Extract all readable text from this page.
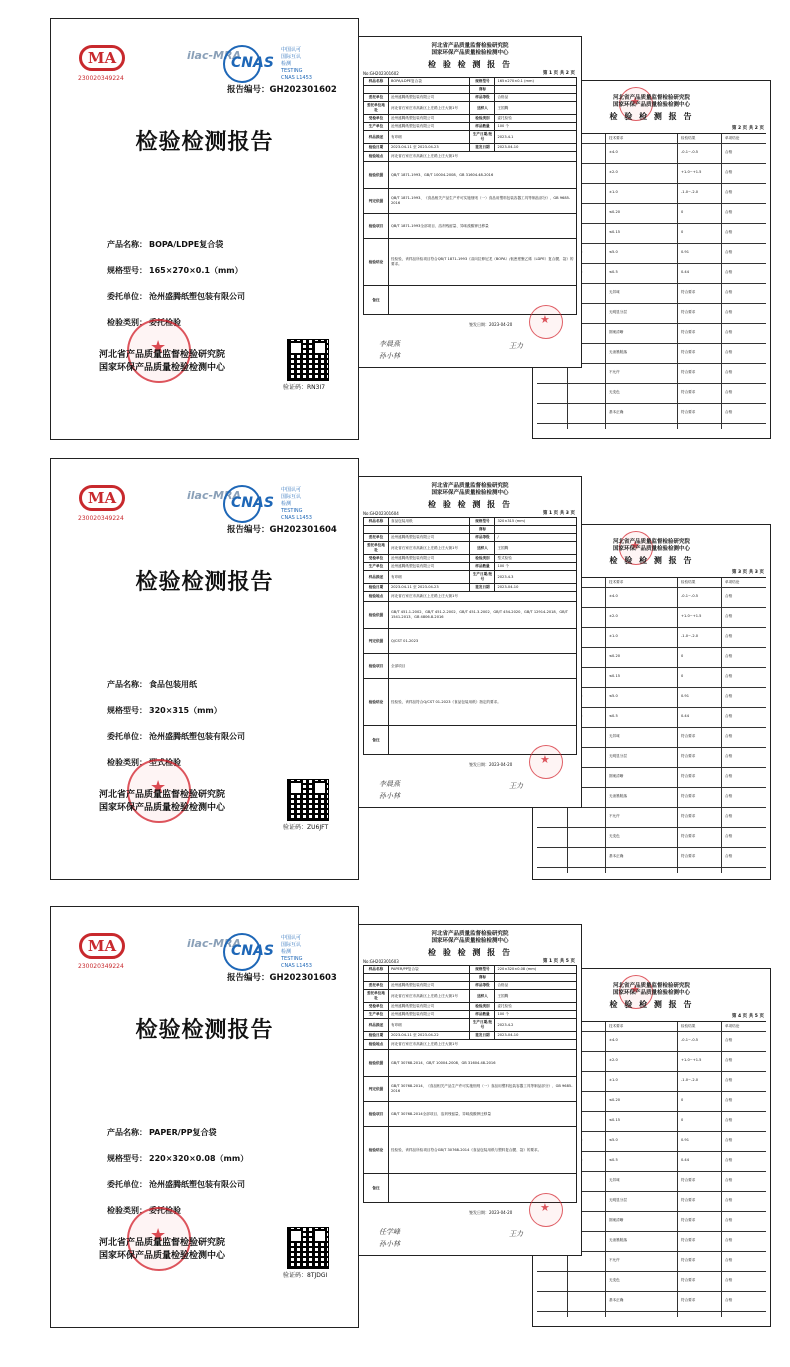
MA
230020349224
ilac-MRA
CNAS
中国认可
国际互认
检测
TESTING
CNAS L1453
报告编号：GH202301602
检验检测报告
产品名称： BOPA/LDPE复合袋
规格型号： 165×270×0.1（mm）
委托单位： 沧州盛腾纸塑包装有限公司
检验类别： 委托检验
★
河北省产品质量监督检验研究院
国家环保产品质量检验检测中心
验证码：RN3I7
河北省产品质量监督检验研究院
国家环保产品质量检验检测中心
检 验 检 测 报 告
No:GH202301602	第 1 页 共 2 页
样品名称	BOPA/LDPE复合袋	规格型号	165×270×0.1 (mm)
		商标	
委托单位	沧州盛腾纸塑包装有限公司	样品等级	合格品
委托单位地址	河北省石家庄市高新区上庄路上庄大街1号	送样人	王国腾
受检单位	沧州盛腾纸塑包装有限公司	检验类别	委托检验
生产单位	沧州盛腾纸塑包装有限公司	样品数量	100 个
样品描述	有印刷	生产日期/批号	2023.4.1
检验日期	2023-04-11 至 2023-04-23	签发日期	2023-04-10
检验地点	河北省石家庄市高新区上庄路上庄大街1号		
检验依据	QB/T 1871-1993、GB/T 10004-2008、GB 31604.48-2016		
判定依据	QB/T 1871-1993、《食品相关产品生产许可实施细则（一）食品用塑料包装容器工具等制品部分》、GB 9685-2016		
检验项目	QB/T 1871-1993全部项目、溶剂残留量、异味溴酸钾迁移量		
检验结论	经检验，该样品所检项目符合QB/T 1871-1993《双向拉伸尼龙（BOPA）/低密度聚乙烯（LDPE）复合膜、袋》的要求。		
备注			
签发日期：2023-04-20
★
李晨燕
孙小林
王力
★
河北省产品质量监督检验研究院
国家环保产品质量检验检测中心
检 验 检 测 报 告
第 2 页 共 2 页
技术要求	检验结果	单项结论
±4.0	-0.1~-0.5	合格
±2.0	+1.0~+1.5	合格
±1.0	-1.0~-2.0	合格
≤0.20	0	合格
≤0.15	0	合格
≤5.0	0.91	合格
≤0.5	0.44	合格
无异味	符合要求	合格
无明显分层	符合要求	合格
图案清晰	符合要求	合格
无油墨脱落	符合要求	合格
不允许	符合要求	合格
无变色	符合要求	合格
基本正确	符合要求	合格
MA
230020349224
ilac-MRA
CNAS
中国认可
国际互认
检测
TESTING
CNAS L1453
报告编号：GH202301604
检验检测报告
产品名称： 食品包装用纸
规格型号： 320×315（mm）
委托单位： 沧州盛腾纸塑包装有限公司
检验类别： 型式检验
★
河北省产品质量监督检验研究院
国家环保产品质量检验检测中心
验证码：ZU6JFT
河北省产品质量监督检验研究院
国家环保产品质量检验检测中心
检 验 检 测 报 告
No:GH202301604	第 1 页 共 3 页
样品名称	食品包装用纸	规格型号	320×315 (mm)
		商标	
委托单位	沧州盛腾纸塑包装有限公司	样品等级	/
委托单位地址	河北省石家庄市高新区上庄路上庄大街1号	送样人	王国腾
受检单位	沧州盛腾纸塑包装有限公司	检验类别	型式检验
生产单位	沧州盛腾纸塑包装有限公司	样品数量	100 个
样品描述	有印刷	生产日期/批号	2023.4.3
检验日期	2023-04-11 至 2023-04-23	签发日期	2023-04-10
检验地点	河北省石家庄市高新区上庄路上庄大街1号		
检验依据	GB/T 451.1-2002、GB/T 451.2-2002、GB/T 451.3-2002、GB/T 454-2020、GB/T 12914-2018、GB/T 1541-2013、GB 4806.8-2016		
判定依据	Q/CST 01-2023		
检验项目	全部项目		
检验结论	经检验，该样品符合Q/CST 01-2023《食品包装用纸》指定的要求。		
备注			
签发日期：2023-04-20
★
李晨燕
孙小林
王力
★
河北省产品质量监督检验研究院
国家环保产品质量检验检测中心
检 验 检 测 报 告
第 3 页 共 3 页
技术要求	检验结果	单项结论
±4.0	-0.1~-0.5	合格
±2.0	+1.0~+1.5	合格
±1.0	-1.0~-2.0	合格
≤0.20	0	合格
≤0.15	0	合格
≤5.0	0.91	合格
≤0.5	0.44	合格
无异味	符合要求	合格
无明显分层	符合要求	合格
图案清晰	符合要求	合格
无油墨脱落	符合要求	合格
不允许	符合要求	合格
无变色	符合要求	合格
基本正确	符合要求	合格
MA
230020349224
ilac-MRA
CNAS
中国认可
国际互认
检测
TESTING
CNAS L1453
报告编号：GH202301603
检验检测报告
产品名称： PAPER/PP复合袋
规格型号： 220×320×0.08（mm）
委托单位： 沧州盛腾纸塑包装有限公司
检验类别： 委托检验
★
河北省产品质量监督检验研究院
国家环保产品质量检验检测中心
验证码：8TJDGI
河北省产品质量监督检验研究院
国家环保产品质量检验检测中心
检 验 检 测 报 告
No:GH202301603	第 1 页 共 5 页
样品名称	PAPER/PP复合袋	规格型号	220×320×0.08 (mm)
		商标	
委托单位	沧州盛腾纸塑包装有限公司	样品等级	合格品
委托单位地址	河北省石家庄市高新区上庄路上庄大街1号	送样人	王国腾
受检单位	沧州盛腾纸塑包装有限公司	检验类别	委托检验
生产单位	沧州盛腾纸塑包装有限公司	样品数量	100 个
样品描述	有印刷	生产日期/批号	2023.4.2
检验日期	2023-04-11 至 2023-04-22	签发日期	2023-04-10
检验地点	河北省石家庄市高新区上庄路上庄大街1号		
检验依据	GB/T 30768-2014、GB/T 10004-2008、GB 31604.48-2016		
判定依据	GB/T 30768-2014、《食品相关产品生产许可实施细则（一）食品用塑料包装容器工具等制品部分》、GB 9685-2016		
检验项目	GB/T 30768-2014全部项目、溶剂残留量、异味溴酸钾迁移量		
检验结论	经检验，该样品所检项目符合GB/T 30768-2014《食品包装用纸与塑料复合膜、袋》的要求。		
备注			
签发日期：2023-04-20
★
任学峰
孙小林
王力
★
河北省产品质量监督检验研究院
国家环保产品质量检验检测中心
检 验 检 测 报 告
第 4 页 共 5 页
技术要求	检验结果	单项结论
±4.0	-0.1~-0.5	合格
±2.0	+1.0~+1.5	合格
±1.0	-1.0~-2.0	合格
≤0.20	0	合格
≤0.15	0	合格
≤5.0	0.91	合格
≤0.5	0.44	合格
无异味	符合要求	合格
无明显分层	符合要求	合格
图案清晰	符合要求	合格
无油墨脱落	符合要求	合格
不允许	符合要求	合格
无变色	符合要求	合格
基本正确	符合要求	合格
